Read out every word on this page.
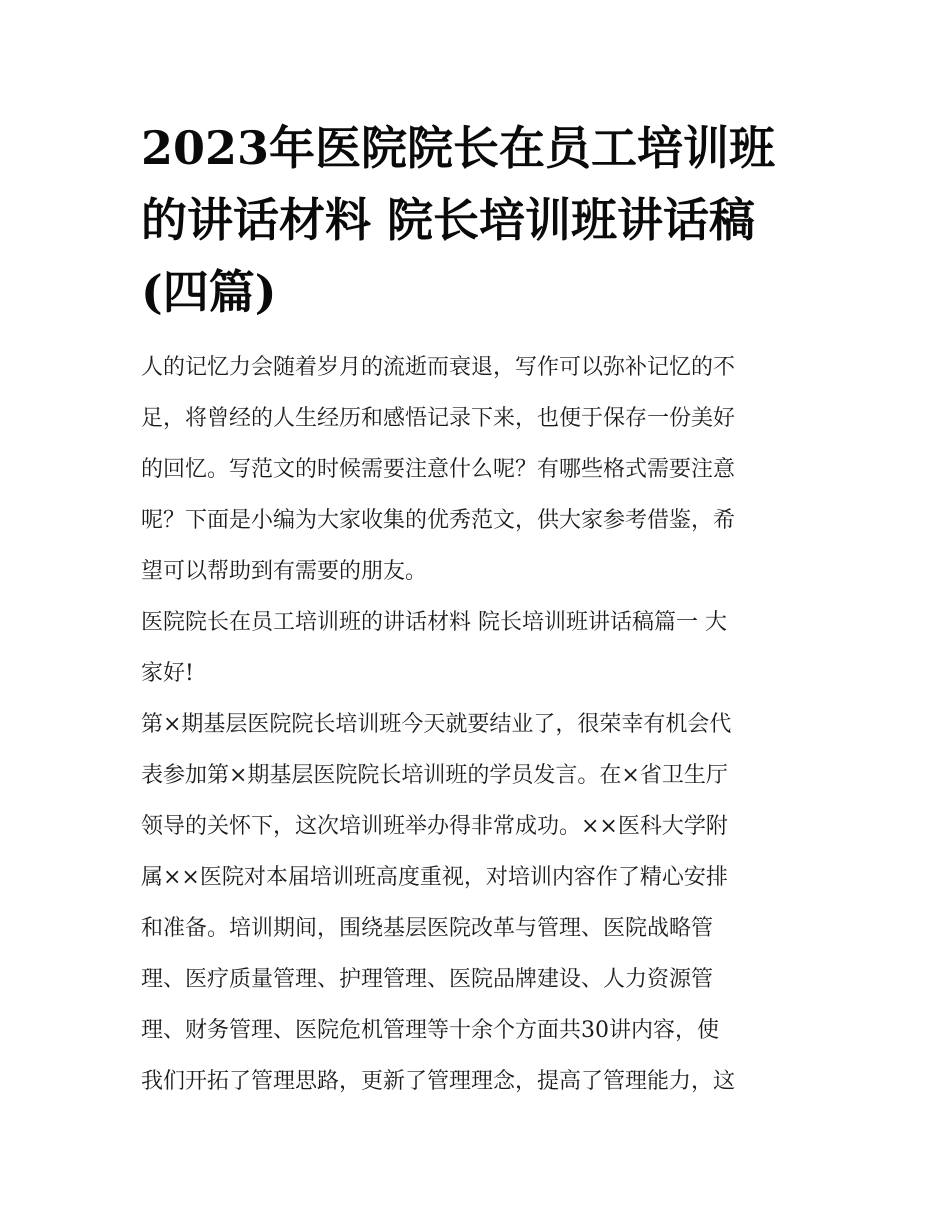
2023年医院院长在员工培训班
的讲话材料 院长培训班讲话稿
(四篇)

人的记忆力会随着岁月的流逝而衰退，写作可以弥补记忆的不
足，将曾经的人生经历和感悟记录下来，也便于保存一份美好
的回忆。写范文的时候需要注意什么呢？有哪些格式需要注意
呢？下面是小编为大家收集的优秀范文，供大家参考借鉴，希
望可以帮助到有需要的朋友。

医院院长在员工培训班的讲话材料 院长培训班讲话稿篇一 大
家好!

第×期基层医院院长培训班今天就要结业了，很荣幸有机会代
表参加第×期基层医院院长培训班的学员发言。在×省卫生厅
领导的关怀下，这次培训班举办得非常成功。××医科大学附
属××医院对本届培训班高度重视，对培训内容作了精心安排
和准备。培训期间，围绕基层医院改革与管理、医院战略管
理、医疗质量管理、护理管理、医院品牌建设、人力资源管
理、财务管理、医院危机管理等十余个方面共30讲内容，使
我们开拓了管理思路，更新了管理理念，提高了管理能力，这
